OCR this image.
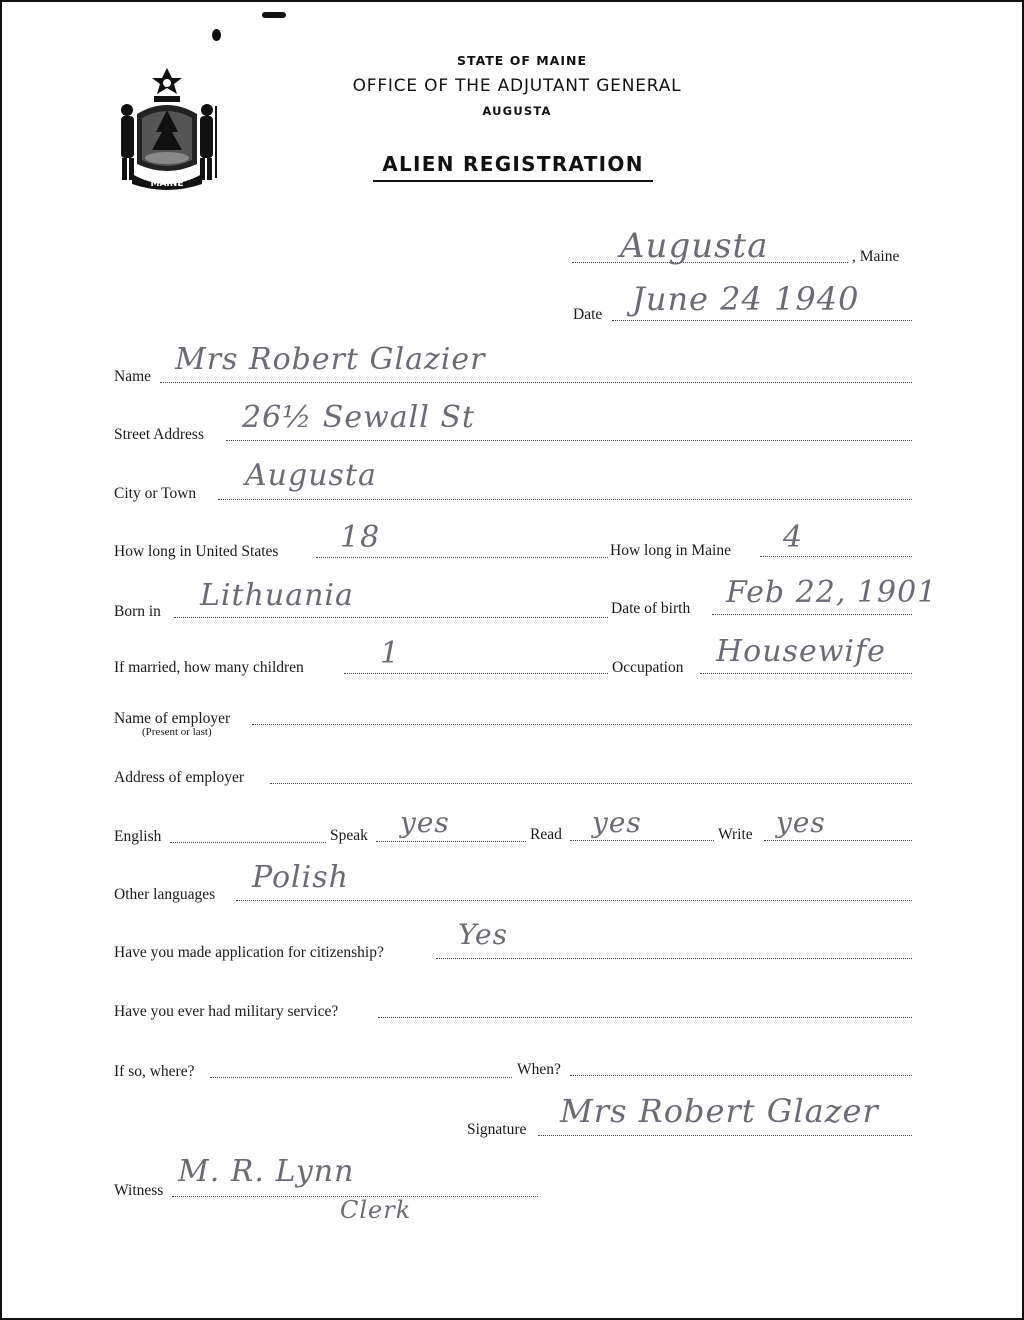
MAINE
STATE OF MAINE
OFFICE OF THE ADJUTANT GENERAL
AUGUSTA
ALIEN REGISTRATION
Augusta	, Maine
Date June 24 1940
Name Mrs Robert Glazier
Street Address 26½ Sewall St
City or Town
Augusta
How long in United States 18	How long in Maine 4
Born in Lithuania	Date of birth Feb 22, 1901
If married, how many children	1	Occupation Housewife
Name of employer
(Present or last)
Address of employer
English	Speak yes	Read yes	Write yes
Other languages Polish
Have you made application for citizenship?
Yes
Have you ever had military service?
If so, where?	When?
Signature Mrs Robert Glazer
Witness
M. R. Lynn
Clerk
